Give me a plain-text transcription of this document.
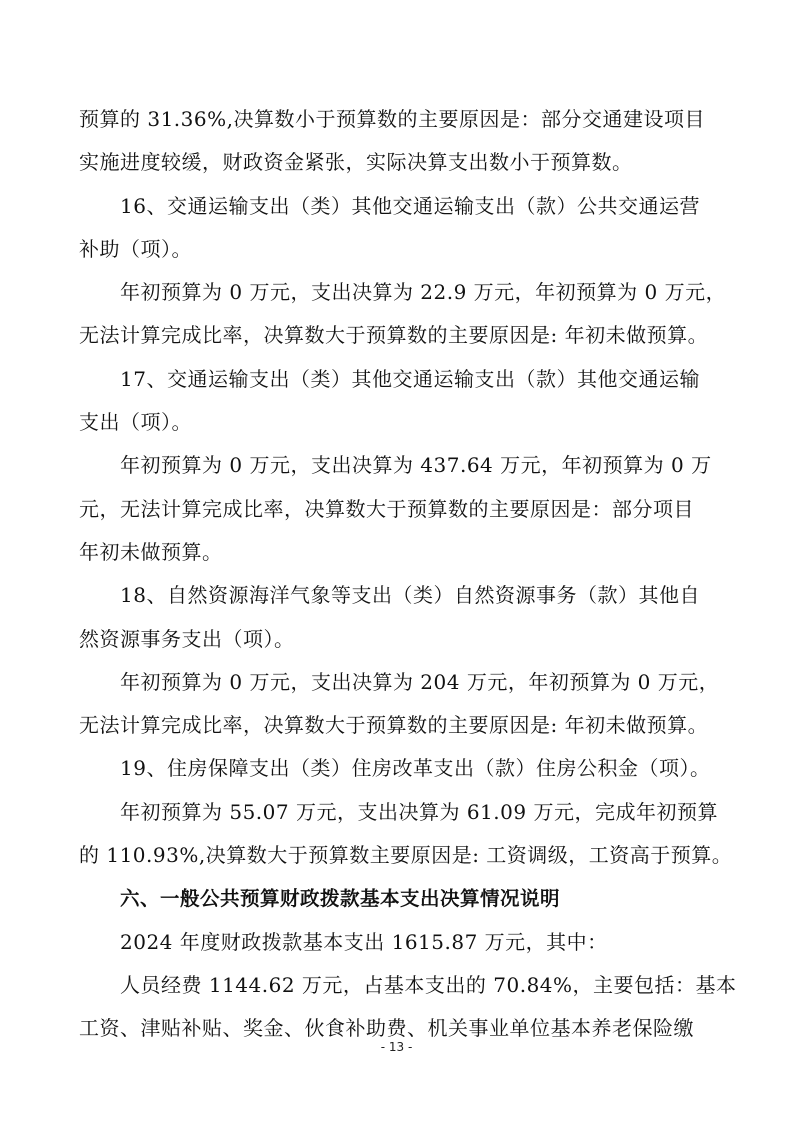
预算的 31.36%,决算数小于预算数的主要原因是：部分交通建设项目
实施进度较缓，财政资金紧张，实际决算支出数小于预算数。
16、交通运输支出（类）其他交通运输支出（款）公共交通运营
补助（项）。
年初预算为 0 万元，支出决算为 22.9 万元，年初预算为 0 万元，
无法计算完成比率，决算数大于预算数的主要原因是: 年初未做预算。
17、交通运输支出（类）其他交通运输支出（款）其他交通运输
支出（项）。
年初预算为 0 万元，支出决算为 437.64 万元，年初预算为 0 万
元，无法计算完成比率，决算数大于预算数的主要原因是：部分项目
年初未做预算。
18、自然资源海洋气象等支出（类）自然资源事务（款）其他自
然资源事务支出（项）。
年初预算为 0 万元，支出决算为 204 万元，年初预算为 0 万元，
无法计算完成比率，决算数大于预算数的主要原因是: 年初未做预算。
19、住房保障支出（类）住房改革支出（款）住房公积金（项）。
年初预算为 55.07 万元，支出决算为 61.09 万元，完成年初预算
的 110.93%,决算数大于预算数主要原因是: 工资调级，工资高于预算。
六、一般公共预算财政拨款基本支出决算情况说明
2024 年度财政拨款基本支出 1615.87 万元，其中：
人员经费 1144.62 万元，占基本支出的 70.84%，主要包括：基本
工资、津贴补贴、奖金、伙食补助费、机关事业单位基本养老保险缴
- 13 -
